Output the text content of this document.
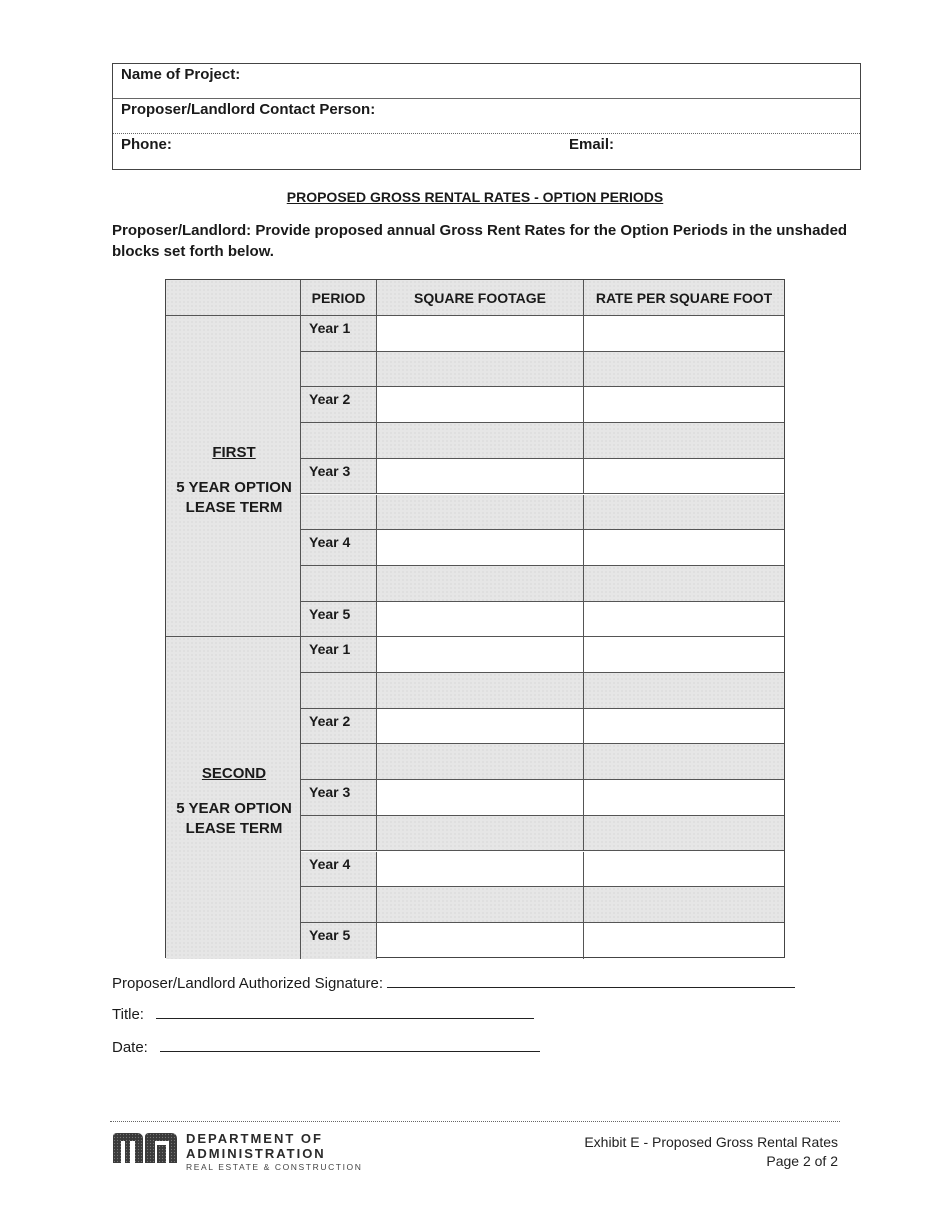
Name of Project:
Proposer/Landlord Contact Person:
Phone:	Email:
PROPOSED GROSS RENTAL RATES - OPTION PERIODS
Proposer/Landlord: Provide proposed annual Gross Rent Rates for the Option Periods in the unshaded blocks set forth below.
PERIOD	SQUARE FOOTAGE	RATE PER SQUARE FOOT
FIRST
5 YEAR OPTION LEASE TERM
Year 1
Year 2
Year 3
Year 4
Year 5
SECOND
5 YEAR OPTION LEASE TERM
Year 1
Year 2
Year 3
Year 4
Year 5
Proposer/Landlord Authorized Signature:
Title:
Date:
DEPARTMENT OF
ADMINISTRATION
REAL ESTATE & CONSTRUCTION
Exhibit E - Proposed Gross Rental Rates
Page 2 of 2
